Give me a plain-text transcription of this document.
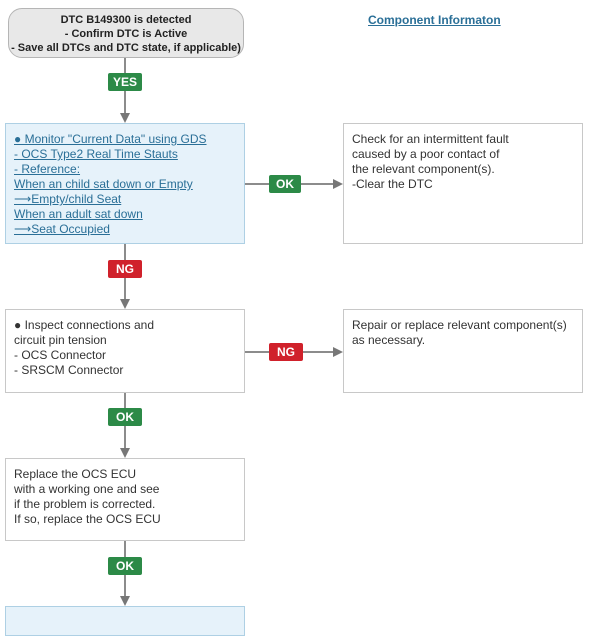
DTC B149300 is detected
- Confirm DTC is Active
- Save all DTCs and DTC state, if applicable)
Component Informaton
● Monitor "Current Data" using GDS
- OCS Type2 Real Time Stauts
- Reference:
When an child sat down or Empty
⟶Empty/child Seat
When an adult sat down
⟶Seat Occupied
Check for an intermittent fault
caused by a poor contact of
the relevant component(s).
-Clear the DTC
● Inspect connections and
circuit pin tension
- OCS Connector
- SRSCM Connector
Repair or replace relevant component(s)
as necessary.
Replace the OCS ECU
with a working one and see
if the problem is corrected.
If so, replace the OCS ECU
YES
OK
NG
NG
OK
OK
